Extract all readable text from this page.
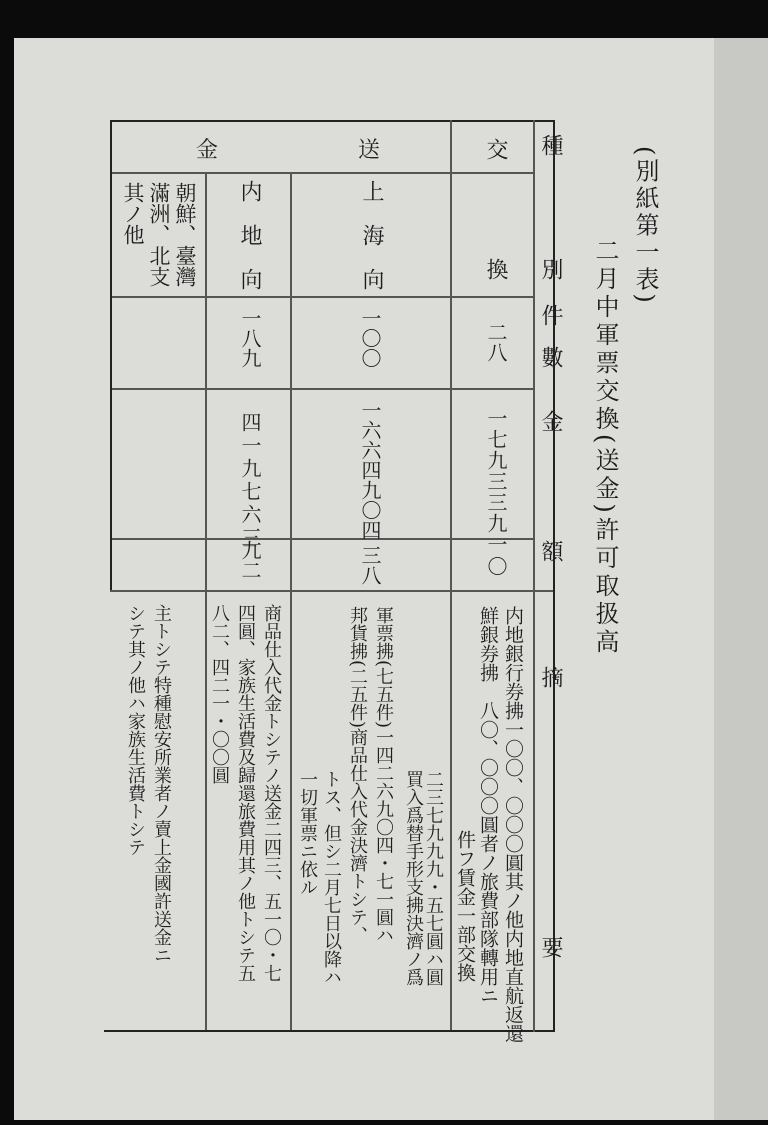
(別紙第一表)
二月中軍票交換(送金)許可取扱高
種
別
件
數
金
額
摘
要
交
送
金
換
二八
一七九三三九一
〇
内地銀行券拂一〇〇、〇〇〇圓其ノ他内地直航返還
鮮銀券拂　八〇、〇〇〇圓者ノ旅費部隊轉用ニ
件フ賃金一部交換
上海向
一〇〇
一六六四九〇四
三八
軍票拂(七五件)一四二六九〇四・七一圓ハ
邦貨拂(二五件)商品仕入代金決濟トシテ、	二三七九九九・五七圓ハ圓
買入爲替手形支拂決濟ノ爲
トス、但シ二月七日以降ハ
一切軍票ニ依ル
内地向
一八九
四一九七六三
九二
商品仕入代金トシテノ送金二四三、五一〇・七
四圓、家族生活費及歸還旅費用其ノ他トシテ五
八二、四二一・〇〇圓
朝鮮、臺灣
滿洲、北支
其ノ他
主トシテ特種慰安所業者ノ賣上金國許送金ニ
シテ其ノ他ハ家族生活費トシテ
